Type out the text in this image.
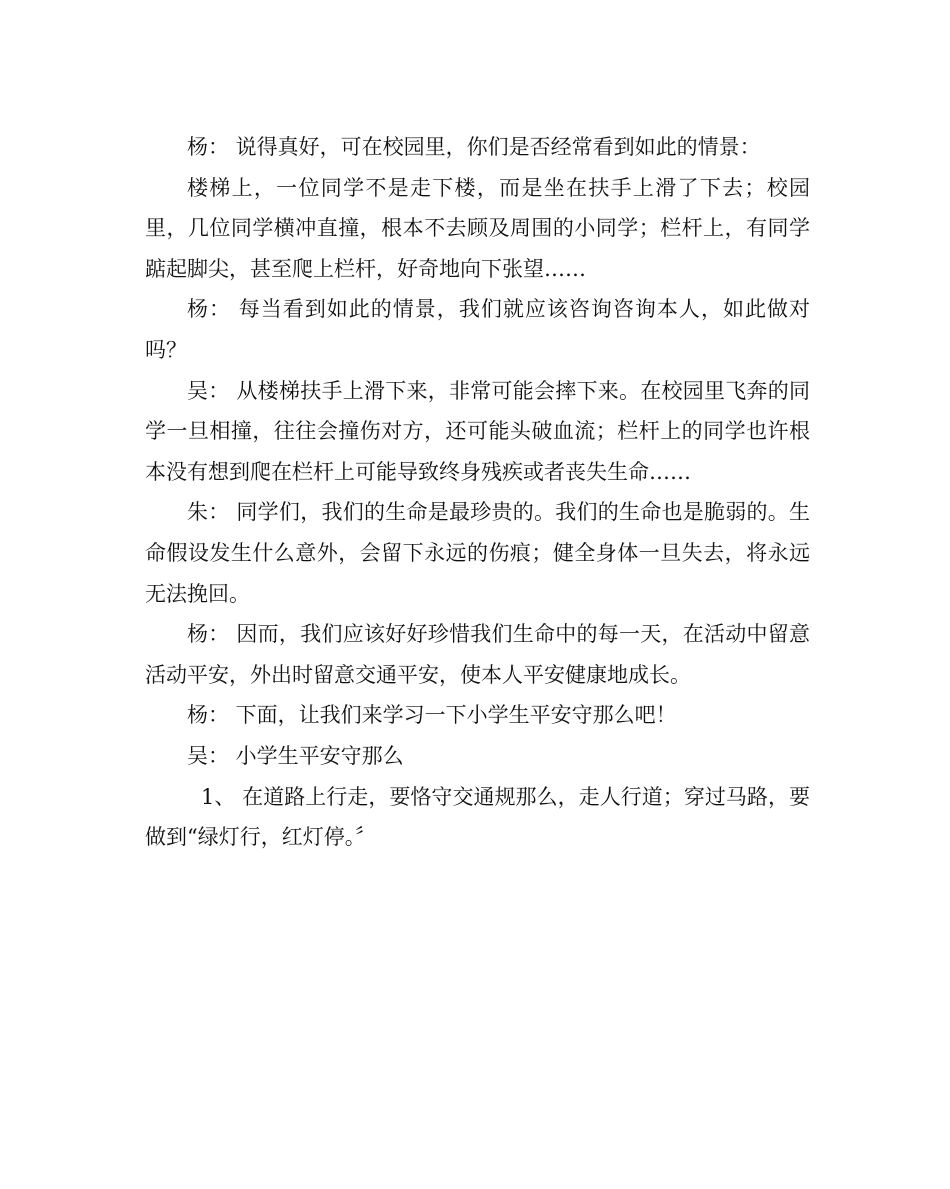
杨： 说得真好，可在校园里，你们是否经常看到如此的情景：

楼梯上，一位同学不是走下楼，而是坐在扶手上滑了下去；校园里，几位同学横冲直撞，根本不去顾及周围的小同学；栏杆上，有同学踮起脚尖，甚至爬上栏杆，好奇地向下张望……

杨： 每当看到如此的情景，我们就应该咨询咨询本人，如此做对吗？

吴： 从楼梯扶手上滑下来，非常可能会摔下来。在校园里飞奔的同学一旦相撞，往往会撞伤对方，还可能头破血流；栏杆上的同学也许根本没有想到爬在栏杆上可能导致终身残疾或者丧失生命……

朱： 同学们，我们的生命是最珍贵的。我们的生命也是脆弱的。生命假设发生什么意外，会留下永远的伤痕；健全身体一旦失去，将永远无法挽回。

杨： 因而，我们应该好好珍惜我们生命中的每一天，在活动中留意活动平安，外出时留意交通平安，使本人平安健康地成长。

杨： 下面，让我们来学习一下小学生平安守那么吧！

吴： 小学生平安守那么

1、 在道路上行走，要恪守交通规那么，走人行道；穿过马路，要做到“绿灯行，红灯停。〞
